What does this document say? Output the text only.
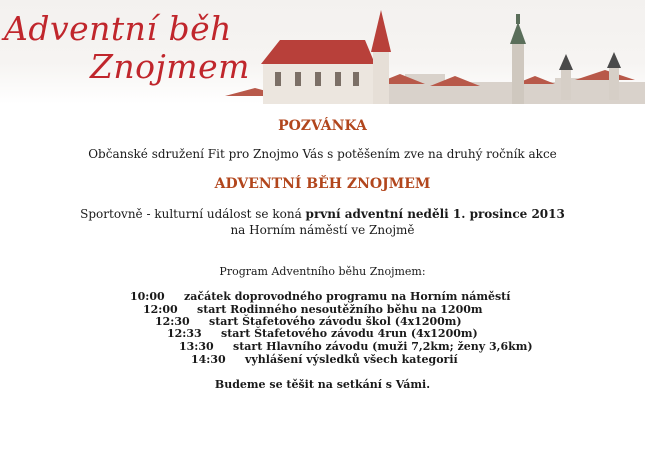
Adventní běh
Znojmem
POZVÁNKA
Občanské sdružení Fit pro Znojmo Vás s potěšením zve na druhý ročník akce
ADVENTNÍ BĚH ZNOJMEM
Sportovně - kulturní událost se koná první adventní neděli 1. prosince 2013
na Horním náměstí ve Znojmě
Program Adventního běhu Znojmem:
10:00 začátek doprovodného programu na Horním náměstí
12:00 start Rodinného nesoutěžního běhu na 1200m
12:30 start Štafetového závodu škol (4x1200m)
12:33 start Štafetového závodu 4run (4x1200m)
13:30 start Hlavního závodu (muži 7,2km; ženy 3,6km)
14:30 vyhlášení výsledků všech kategorií
Budeme se těšit na setkání s Vámi.
